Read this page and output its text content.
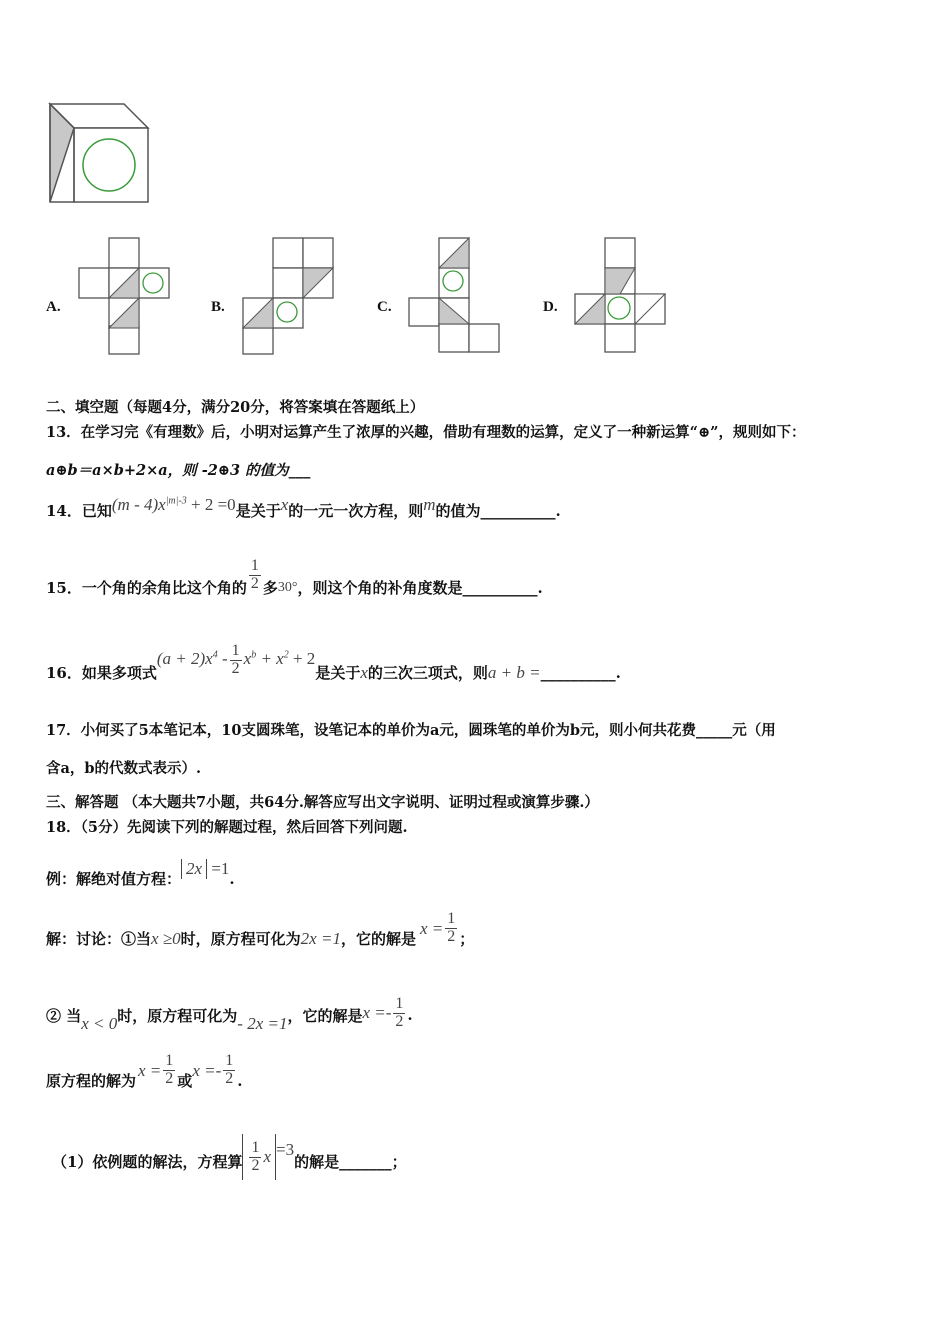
A.	B.	C.	D.
二、填空题（每题4分，满分20分，将答案填在答题纸上）
13．在学习完《有理数》后，小明对运算产生了浓厚的兴趣，借助有理数的运算，定义了一种新运算“⊕”，规则如下：
a⊕b＝a×b+2×a，则 -2⊕3 的值为___
14．已知$(m - 4)x^{|m|-3} + 2 =0$是关于x的一元一次方程，则m的值为__________.
15．一个角的余角比这个角的 $\frac{1}{2}$ 多 30° ，则这个角的补角度数是__________.
16．如果多项式
$(a + 2)x^4 - \frac{1}{2} x^b + x^2 + 2$
是关于 x 的三次三项式，则 a + b = __________.
17．小何买了5本笔记本，10支圆珠笔，设笔记本的单价为a元，圆珠笔的单价为b元，则小何共花费_____元（用
含a，b的代数式表示）.
三、解答题 （本大题共7小题，共64分.解答应写出文字说明、证明过程或演算步骤.）
18．（5分）先阅读下列的解题过程，然后回答下列问题.
例：解绝对值方程：
2x =1
.
解：讨论：①当 x ≥0 时，原方程可化为 2x =1 ，它的解是
$x = \frac{1}{2}$ ；
② 当 x < 0 时，原方程可化为 - 2x =1 ，它的解是 $x =- \frac{1}{2}$ .
原方程的解为
$x = \frac{1}{2}$ 或
$x =- \frac{1}{2}$ .
（1）依例题的解法，方程算 $\frac{1}{2}$ x =3
的解是_______；
